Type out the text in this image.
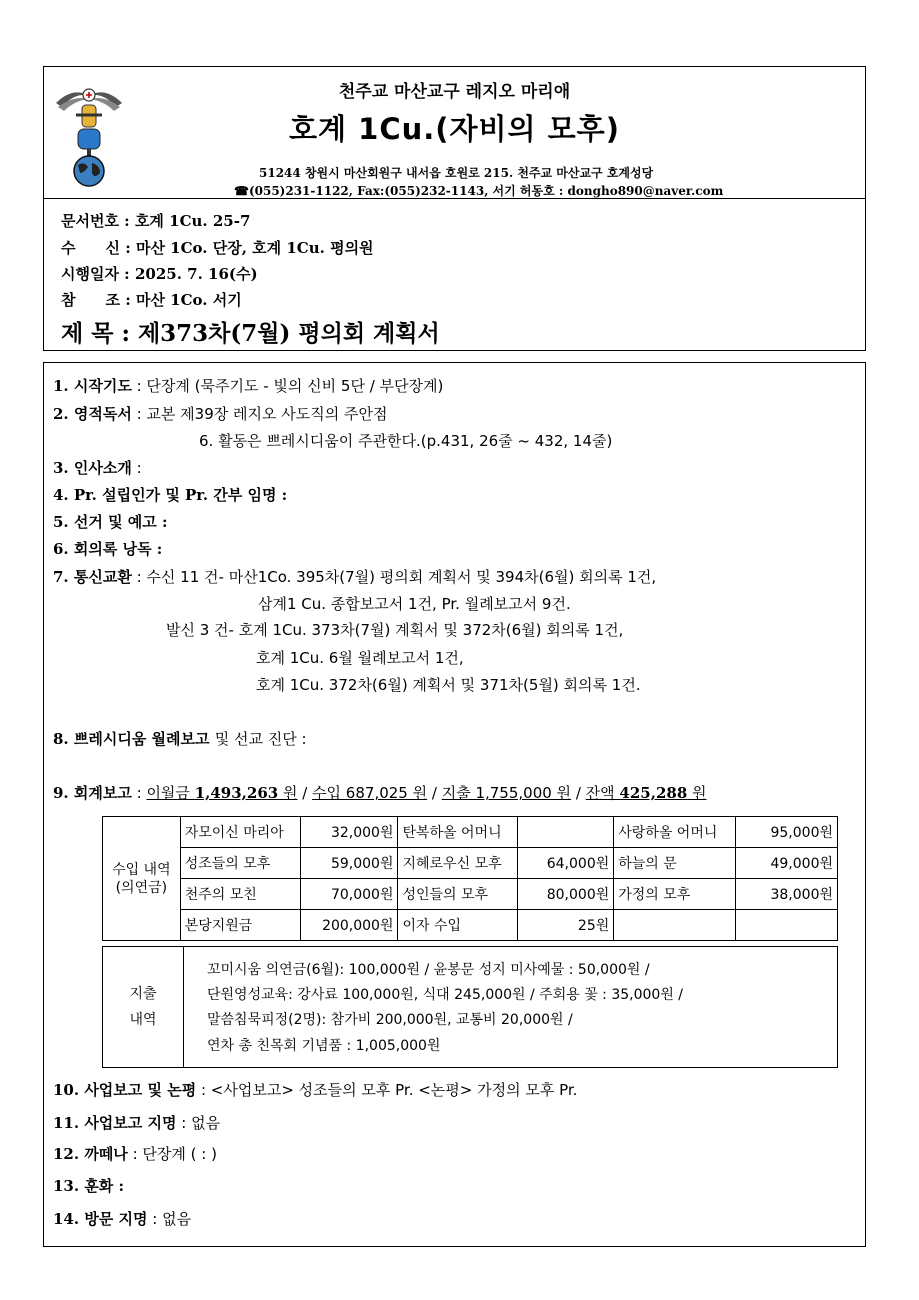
천주교 마산교구 레지오 마리애
호계 1Cu.(자비의 모후)
51244 창원시 마산회원구 내서읍 호원로 215. 천주교 마산교구 호계성당
☎(055)231-1122, Fax:(055)232-1143, 서기 허동호 : dongho890@naver.com
문서번호 : 호계 1Cu. 25-7
수　　신 : 마산 1Co. 단장, 호계 1Cu. 평의원
시행일자 : 2025. 7. 16(수)
참　　조 : 마산 1Co. 서기
제 목 : 제373차(7월) 평의회 계획서
1. 시작기도 : 단장계 (묵주기도 - 빛의 신비 5단 / 부단장계)
2. 영적독서 : 교본 제39장 레지오 사도직의 주안점
6. 활동은 쁘레시디움이 주관한다.(p.431, 26줄 ~ 432, 14줄)
3. 인사소개 :
4. Pr. 설립인가 및 Pr. 간부 임명 :
5. 선거 및 예고 :
6. 회의록 낭독 :
7. 통신교환 : 수신 11 건- 마산1Co. 395차(7월) 평의회 계획서 및 394차(6월) 회의록 1건,
삼계1 Cu. 종합보고서 1건, Pr. 월례보고서 9건.
발신 3 건- 호계 1Cu. 373차(7월) 계획서 및 372차(6월) 회의록 1건,
호계 1Cu. 6월 월례보고서 1건,
호계 1Cu. 372차(6월) 계획서 및 371차(5월) 회의록 1건.
8. 쁘레시디움 월례보고 및 선교 진단 :
9. 회계보고 : 이월금 1,493,263 원 / 수입 687,025 원 / 지출 1,755,000 원 / 잔액 425,288 원
수입 내역 (의연금)	자모이신 마리아	32,000원	탄복하올 어머니		사랑하올 어머니	95,000원
	성조들의 모후	59,000원	지혜로우신 모후	64,000원	하늘의 문	49,000원
	천주의 모친	70,000원	성인들의 모후	80,000원	가정의 모후	38,000원
	본당지원금	200,000원	이자 수입	25원		
지출
내역
꼬미시움 의연금(6월): 100,000원 / 윤봉문 성지 미사예물 : 50,000원 /
단원영성교육: 강사료 100,000원, 식대 245,000원 / 주회용 꽃 : 35,000원 /
말씀침묵피정(2명): 참가비 200,000원, 교통비 20,000원 /
연차 총 친목회 기념품 : 1,005,000원
10. 사업보고 및 논평 : <사업보고> 성조들의 모후 Pr. <논평> 가정의 모후 Pr.
11. 사업보고 지명 : 없음
12. 까떼나 : 단장계 ( : )
13. 훈화 :
14. 방문 지명 : 없음
